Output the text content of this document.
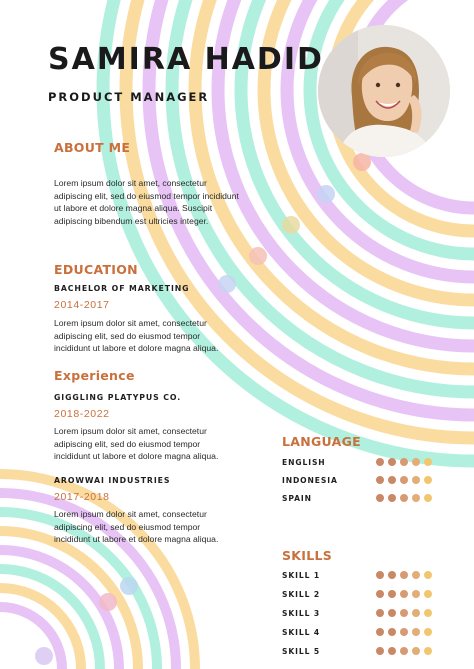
SAMIRA HADID
PRODUCT MANAGER
ABOUT ME
Lorem ipsum dolor sit amet, consectetur
adipiscing elit, sed do eiusmod tempor incididunt
ut labore et dolore magna aliqua. Suscipit
adipiscing bibendum est ultricies integer.
EDUCATION
BACHELOR OF MARKETING
2014-2017
Lorem ipsum dolor sit amet, consectetur
adipiscing elit, sed do eiusmod tempor
incididunt ut labore et dolore magna aliqua.
Experience
GIGGLING PLATYPUS CO.
2018-2022
Lorem ipsum dolor sit amet, consectetur
adipiscing elit, sed do eiusmod tempor
incididunt ut labore et dolore magna aliqua.
AROWWAI INDUSTRIES
2017-2018
Lorem ipsum dolor sit amet, consectetur
adipiscing elit, sed do eiusmod tempor
incididunt ut labore et dolore magna aliqua.
LANGUAGE
ENGLISH
INDONESIA
SPAIN
SKILLS
SKILL 1
SKILL 2
SKILL 3
SKILL 4
SKILL 5
